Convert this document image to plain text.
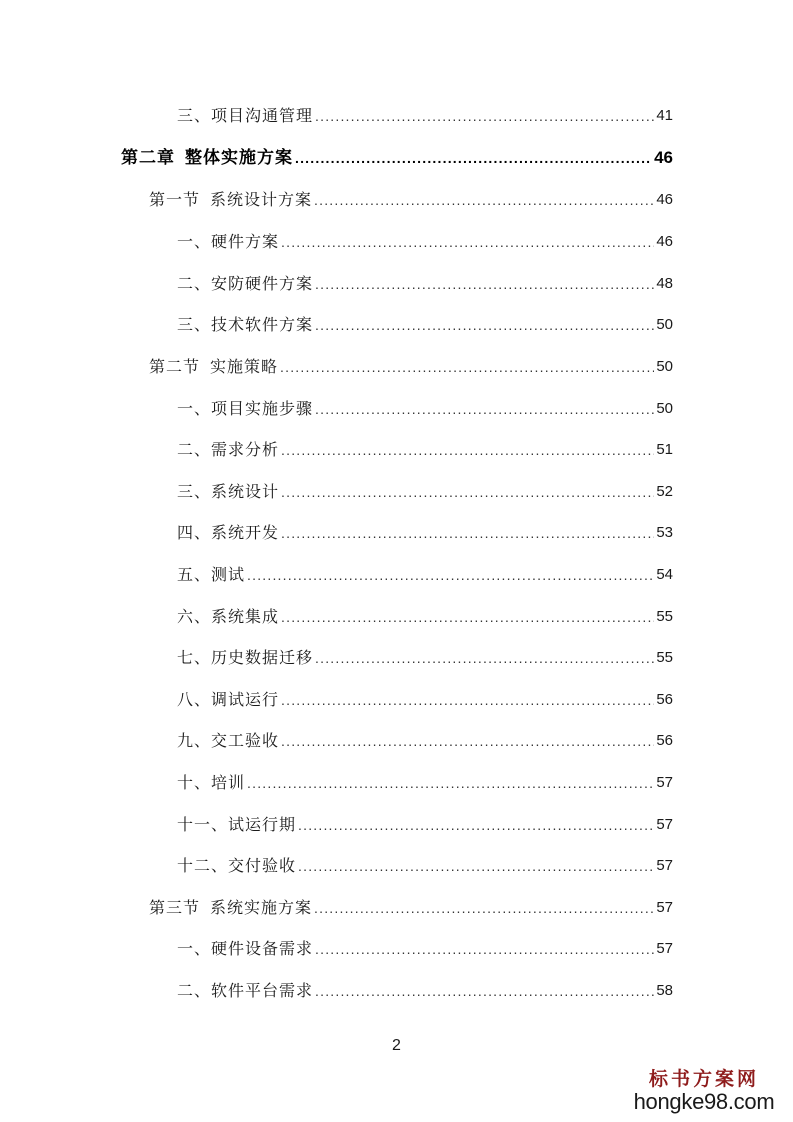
三、项目沟通管理 .....	41
第二章 整体实施方案 .....	46
第一节 系统设计方案 .....	46
一、硬件方案 .....	46
二、安防硬件方案 .....	48
三、技术软件方案 .....	50
第二节 实施策略 .....	50
一、项目实施步骤 .....	50
二、需求分析 .....	51
三、系统设计 .....	52
四、系统开发 .....	53
五、测试 .....	54
六、系统集成 .....	55
七、历史数据迁移 .....	55
八、调试运行 .....	56
九、交工验收 .....	56
十、培训 .....	57
十一、试运行期 .....	57
十二、交付验收 .....	57
第三节 系统实施方案 .....	57
一、硬件设备需求 .....	57
二、软件平台需求 .....	58
2
标书方案网
hongke98.com
